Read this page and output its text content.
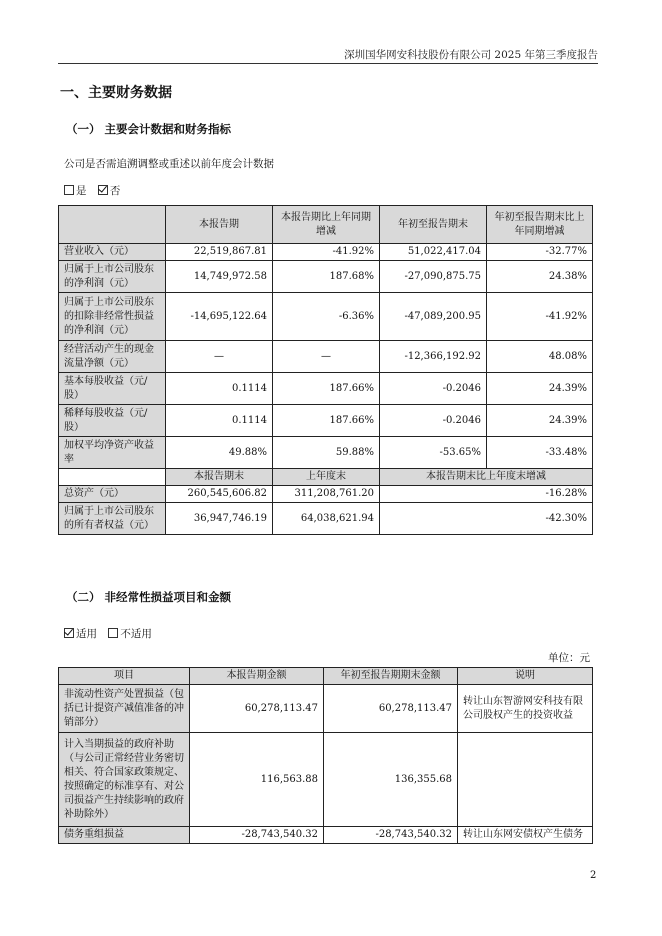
深圳国华网安科技股份有限公司 2025 年第三季度报告
一、主要财务数据
（一） 主要会计数据和财务指标
公司是否需追溯调整或重述以前年度会计数据
是 否
	本报告期	本报告期比上年同期增减	年初至报告期末	年初至报告期末比上年同期增减
营业收入（元）	22,519,867.81	-41.92%	51,022,417.04	-32.77%
归属于上市公司股东的净利润（元）	14,749,972.58	187.68%	-27,090,875.75	24.38%
归属于上市公司股东的扣除非经常性损益的净利润（元）	-14,695,122.64	-6.36%	-47,089,200.95	-41.92%
经营活动产生的现金流量净额（元）	—	—	-12,366,192.92	48.08%
基本每股收益（元/股）	0.1114	187.66%	-0.2046	24.39%
稀释每股收益（元/股）	0.1114	187.66%	-0.2046	24.39%
加权平均净资产收益率	49.88%	59.88%	-53.65%	-33.48%
	本报告期末	上年度末	本报告期末比上年度末增减	
总资产（元）	260,545,606.82	311,208,761.20	-16.28%	
归属于上市公司股东的所有者权益（元）	36,947,746.19	64,038,621.94	-42.30%	
（二） 非经常性损益项目和金额
适用 不适用
单位：元
项目	本报告期金额	年初至报告期期末金额	说明
非流动性资产处置损益（包括已计提资产减值准备的冲销部分）	60,278,113.47	60,278,113.47	转让山东智游网安科技有限公司股权产生的投资收益
计入当期损益的政府补助（与公司正常经营业务密切相关、符合国家政策规定、按照确定的标准享有、对公司损益产生持续影响的政府补助除外）	116,563.88	136,355.68	
债务重组损益	-28,743,540.32	-28,743,540.32	转让山东网安债权产生债务
2
